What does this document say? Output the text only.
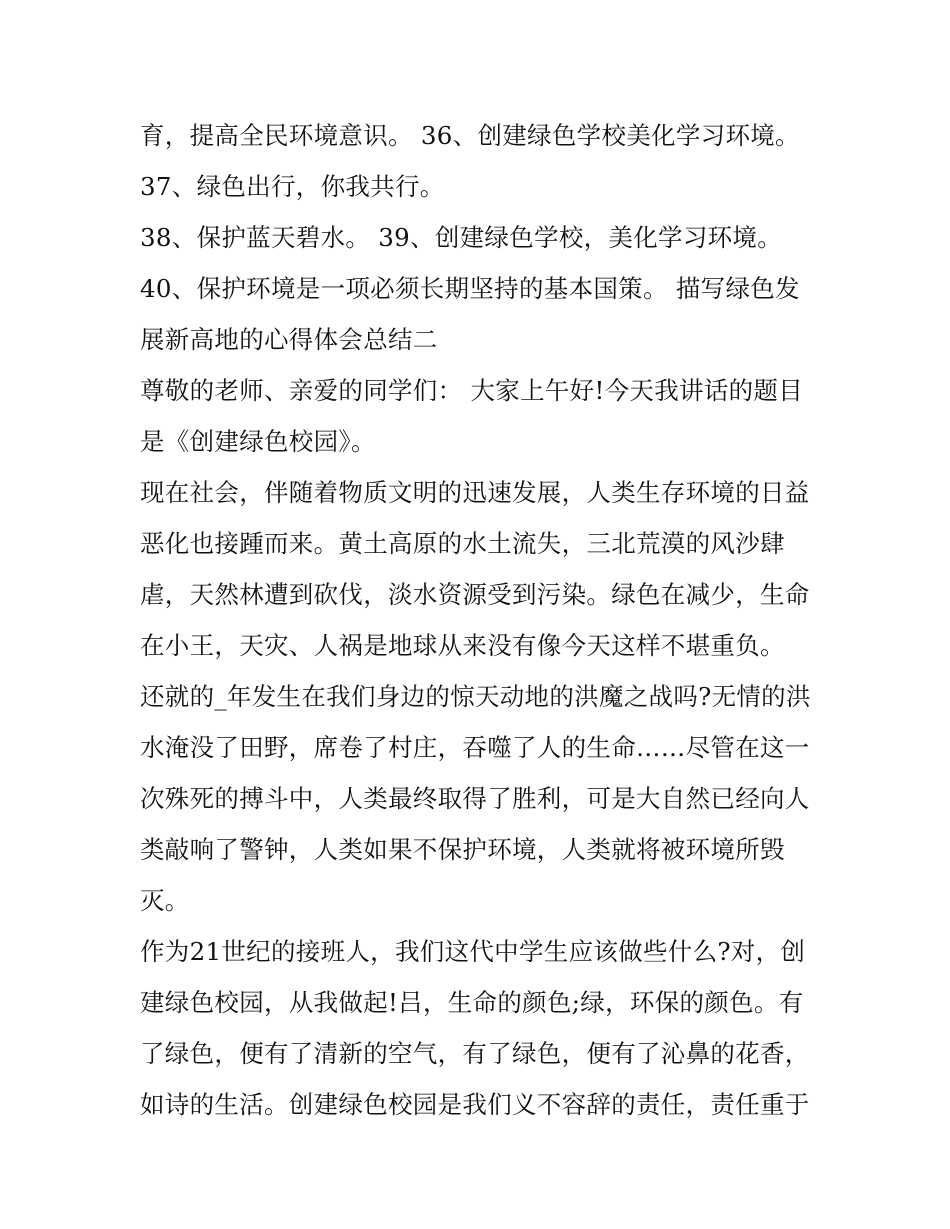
育，提高全民环境意识。 36、创建绿色学校美化学习环境。
37、绿色出行，你我共行。
38、保护蓝天碧水。 39、创建绿色学校，美化学习环境。
40、保护环境是一项必须长期坚持的基本国策。 描写绿色发
展新高地的心得体会总结二
尊敬的老师、亲爱的同学们： 大家上午好!今天我讲话的题目
是《创建绿色校园》。
现在社会，伴随着物质文明的迅速发展，人类生存环境的日益
恶化也接踵而来。黄土高原的水土流失，三北荒漠的风沙肆
虐，天然林遭到砍伐，淡水资源受到污染。绿色在减少，生命
在小王，天灾、人祸是地球从来没有像今天这样不堪重负。
还就的_年发生在我们身边的惊天动地的洪魔之战吗?无情的洪
水淹没了田野，席卷了村庄，吞噬了人的生命……尽管在这一
次殊死的搏斗中，人类最终取得了胜利，可是大自然已经向人
类敲响了警钟，人类如果不保护环境，人类就将被环境所毁
灭。
作为21世纪的接班人，我们这代中学生应该做些什么?对，创
建绿色校园，从我做起!吕，生命的颜色;绿，环保的颜色。有
了绿色，便有了清新的空气，有了绿色，便有了沁鼻的花香，
如诗的生活。创建绿色校园是我们义不容辞的责任，责任重于
